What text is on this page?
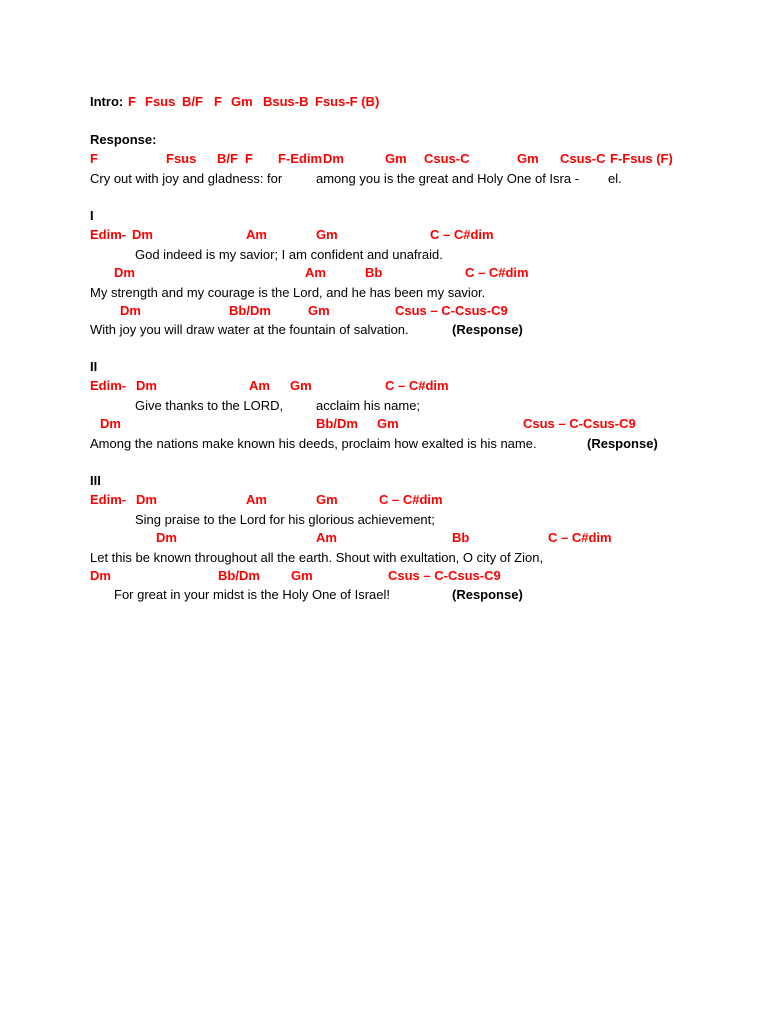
Intro: F Fsus B/F F Gm Bsus-B Fsus-F (B)
Response:
F	Fsus B/F F F-Edim Dm	Gm Csus-C	Gm Csus-C F-Fsus (F)
Cry out with joy and gladness: for	among you is the great and Holy One of Isra - el.
I
Edim- Dm	Am	Gm	C – C#dim
God indeed is my savior; I am confident and unafraid.
Dm	Am	Bb	C – C#dim
My strength and my courage is the Lord, and he has been my savior.
Dm	Bb/Dm	Gm	Csus – C-Csus-C9
With joy you will draw water at the fountain of salvation.	(Response)
II
Edim- Dm	Am Gm	C – C#dim
Give thanks to the LORD,	acclaim his name;
Dm	Bb/Dm Gm	Csus – C-Csus-C9
Among the nations make known his deeds, proclaim how exalted is his name.	(Response)
III
Edim- Dm	Am	Gm	C – C#dim
Sing praise to the Lord for his glorious achievement;
Dm	Am	Bb	C – C#dim
Let this be known throughout all the earth. Shout with exultation, O city of Zion,
Dm	Bb/Dm Gm	Csus – C-Csus-C9
For great in your midst is the Holy One of Israel!	(Response)
